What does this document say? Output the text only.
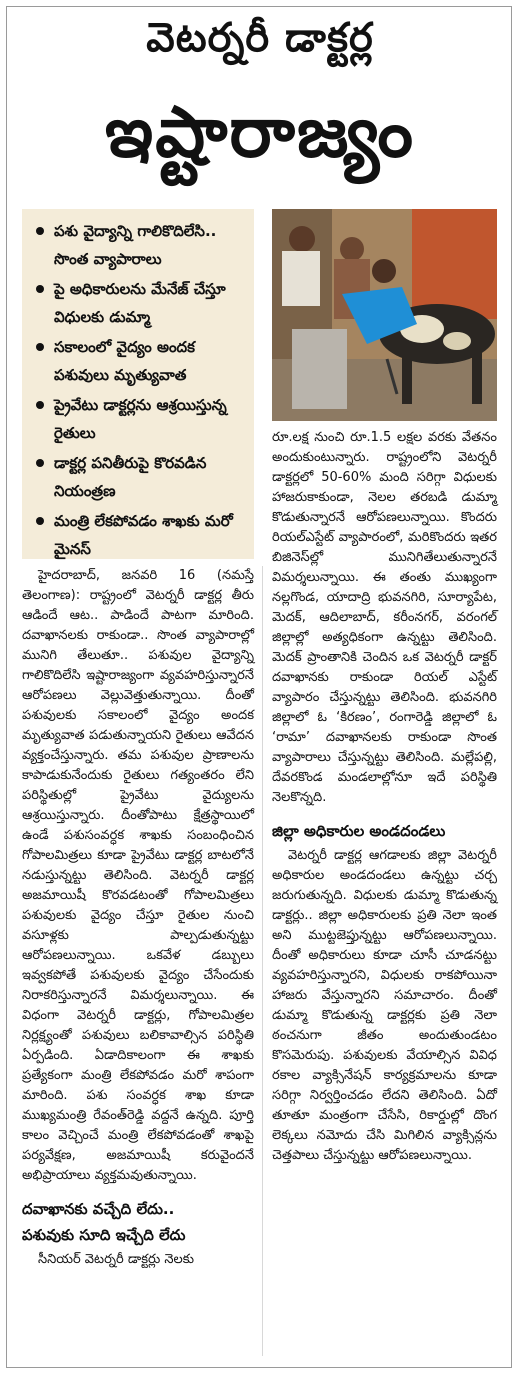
వెటర్నరీ డాక్టర్ల
ఇష్టారాజ్యం
పశు వైద్యాన్ని గాలికొదిలేసి.. సొంత వ్యాపారాలు
పై అధికారులను మేనేజ్ చేస్తూ విధులకు డుమ్మా
సకాలంలో వైద్యం అందక పశువులు మృత్యువాత
ప్రైవేటు డాక్టర్లను ఆశ్రయిస్తున్న రైతులు
డాక్టర్ల పనితీరుపై కొరవడిన నియంత్రణ
మంత్రి లేకపోవడం శాఖకు మరో మైనస్

హైదరాబాద్, జనవరి 16 (నమస్తే తెలంగాణ): రాష్ట్రంలో వెటర్నరీ డాక్టర్ల తీరు ఆడిందే ఆట.. పాడిందే పాటగా మారింది. దవాఖానలకు రాకుండా.. సొంత వ్యాపారాల్లో మునిగి తేలుతూ.. పశువుల వైద్యాన్ని గాలికొదిలేసి ఇష్టారాజ్యంగా వ్యవహరిస్తున్నారనే ఆరోపణలు వెల్లువెత్తుతున్నాయి. దీంతో పశువులకు సకాలంలో వైద్యం అందక మృత్యువాత పడుతున్నాయని రైతులు ఆవేదన వ్యక్తంచేస్తున్నారు. తమ పశువుల ప్రాణాలను కాపాడుకునేందుకు రైతులు గత్యంతరం లేని పరిస్థితుల్లో ప్రైవేటు వైద్యులను ఆశ్రయిస్తున్నారు. దీంతోపాటు క్షేత్రస్థాయిలో ఉండే పశుసంవర్ధక శాఖకు సంబంధించిన గోపాలమిత్రలు కూడా ప్రైవేటు డాక్టర్ల బాటలోనే నడుస్తున్నట్టు తెలిసింది. వెటర్నరీ డాక్టర్ల అజమాయిషీ కొరవడటంతో గోపాలమిత్రలు పశువులకు వైద్యం చేస్తూ రైతుల నుంచి వసూళ్లకు పాల్పడుతున్నట్టు ఆరోపణలున్నాయి. ఒకవేళ డబ్బులు ఇవ్వకపోతే పశువులకు వైద్యం చేసేందుకు నిరాకరిస్తున్నారనే విమర్శలున్నాయి. ఈ విధంగా వెటర్నరీ డాక్టర్లు, గోపాలమిత్రల నిర్లక్ష్యంతో పశువులు బలికావాల్సిన పరిస్థితి ఏర్పడింది. ఏడాదికాలంగా ఈ శాఖకు ప్రత్యేకంగా మంత్రి లేకపోవడం మరో శాపంగా మారింది. పశు సంవర్ధక శాఖ కూడా ముఖ్యమంత్రి రేవంత్‌రెడ్డి వద్దనే ఉన్నది. పూర్తి కాలం వెచ్చించే మంత్రి లేకపోవడంతో శాఖపై పర్యవేక్షణ, అజమాయిషీ కరువైందనే అభిప్రాయాలు వ్యక్తమవుతున్నాయి.

దవాఖానకు వచ్చేది లేదు..

పశువుకు సూది ఇచ్చేది లేదు

సీనియర్ వెటర్నరీ డాక్టర్లు నెలకు

రూ.లక్ష నుంచి రూ.1.5 లక్షల వరకు వేతనం అందుకుంటున్నారు. రాష్ట్రంలోని వెటర్నరీ డాక్టర్లలో 50-60% మంది సరిగ్గా విధులకు హాజరుకాకుండా, నెలల తరబడి డుమ్మా కొడుతున్నారనే ఆరోపణలున్నాయి. కొందరు రియల్‌ఎస్టేట్ వ్యాపారంలో, మరికొందరు ఇతర బిజినెస్‌ల్లో మునిగితేలుతున్నారనే విమర్శలున్నాయి. ఈ తంతు ముఖ్యంగా నల్లగొండ, యాదాద్రి భువనగిరి, సూర్యాపేట, మెదక్, ఆదిలాబాద్, కరీంనగర్, వరంగల్ జిల్లాల్లో అత్యధికంగా ఉన్నట్టు తెలిసింది. మెదక్ ప్రాంతానికి చెందిన ఒక వెటర్నరీ డాక్టర్ దవాఖానకు రాకుండా రియల్ ఎస్టేట్ వ్యాపారం చేస్తున్నట్టు తెలిసింది. భువనగిరి జిల్లాలో ఓ ‘కిరణం’, రంగారెడ్డి జిల్లాలో ఓ ‘రామా’ దవాఖానలకు రాకుండా సొంత వ్యాపారాలు చేస్తున్నట్టు తెలిసింది. మల్లేపల్లి, దేవరకొండ మండలాల్లోనూ ఇదే పరిస్థితి నెలకొన్నది.

జిల్లా అధికారుల అండదండలు

వెటర్నరీ డాక్టర్ల ఆగడాలకు జిల్లా వెటర్నరీ అధికారుల అండదండలు ఉన్నట్టు చర్చ జరుగుతున్నది. విధులకు డుమ్మా కొడుతున్న డాక్టర్లు.. జిల్లా అధికారులకు ప్రతి నెలా ఇంత అని ముట్టజెప్తున్నట్టు ఆరోపణలున్నాయి. దీంతో అధికారులు కూడా చూసీ చూడనట్టు వ్యవహరిస్తున్నారని, విధులకు రాకపోయినా హాజరు వేస్తున్నారని సమాచారం. దీంతో డుమ్మా కొడుతున్న డాక్టర్లకు ప్రతి నెలా ఠంచనుగా జీతం అందుతుండటం కొసమెరుపు. పశువులకు వేయాల్సిన వివిధ రకాల వ్యాక్సినేషన్ కార్యక్రమాలను కూడా సరిగ్గా నిర్వర్తించడం లేదని తెలిసింది. ఏదో తూతూ మంత్రంగా చేసేసి, రికార్డుల్లో దొంగ లెక్కలు నమోదు చేసి మిగిలిన వ్యాక్సిన్లను చెత్తపాలు చేస్తున్నట్టు ఆరోపణలున్నాయి.
